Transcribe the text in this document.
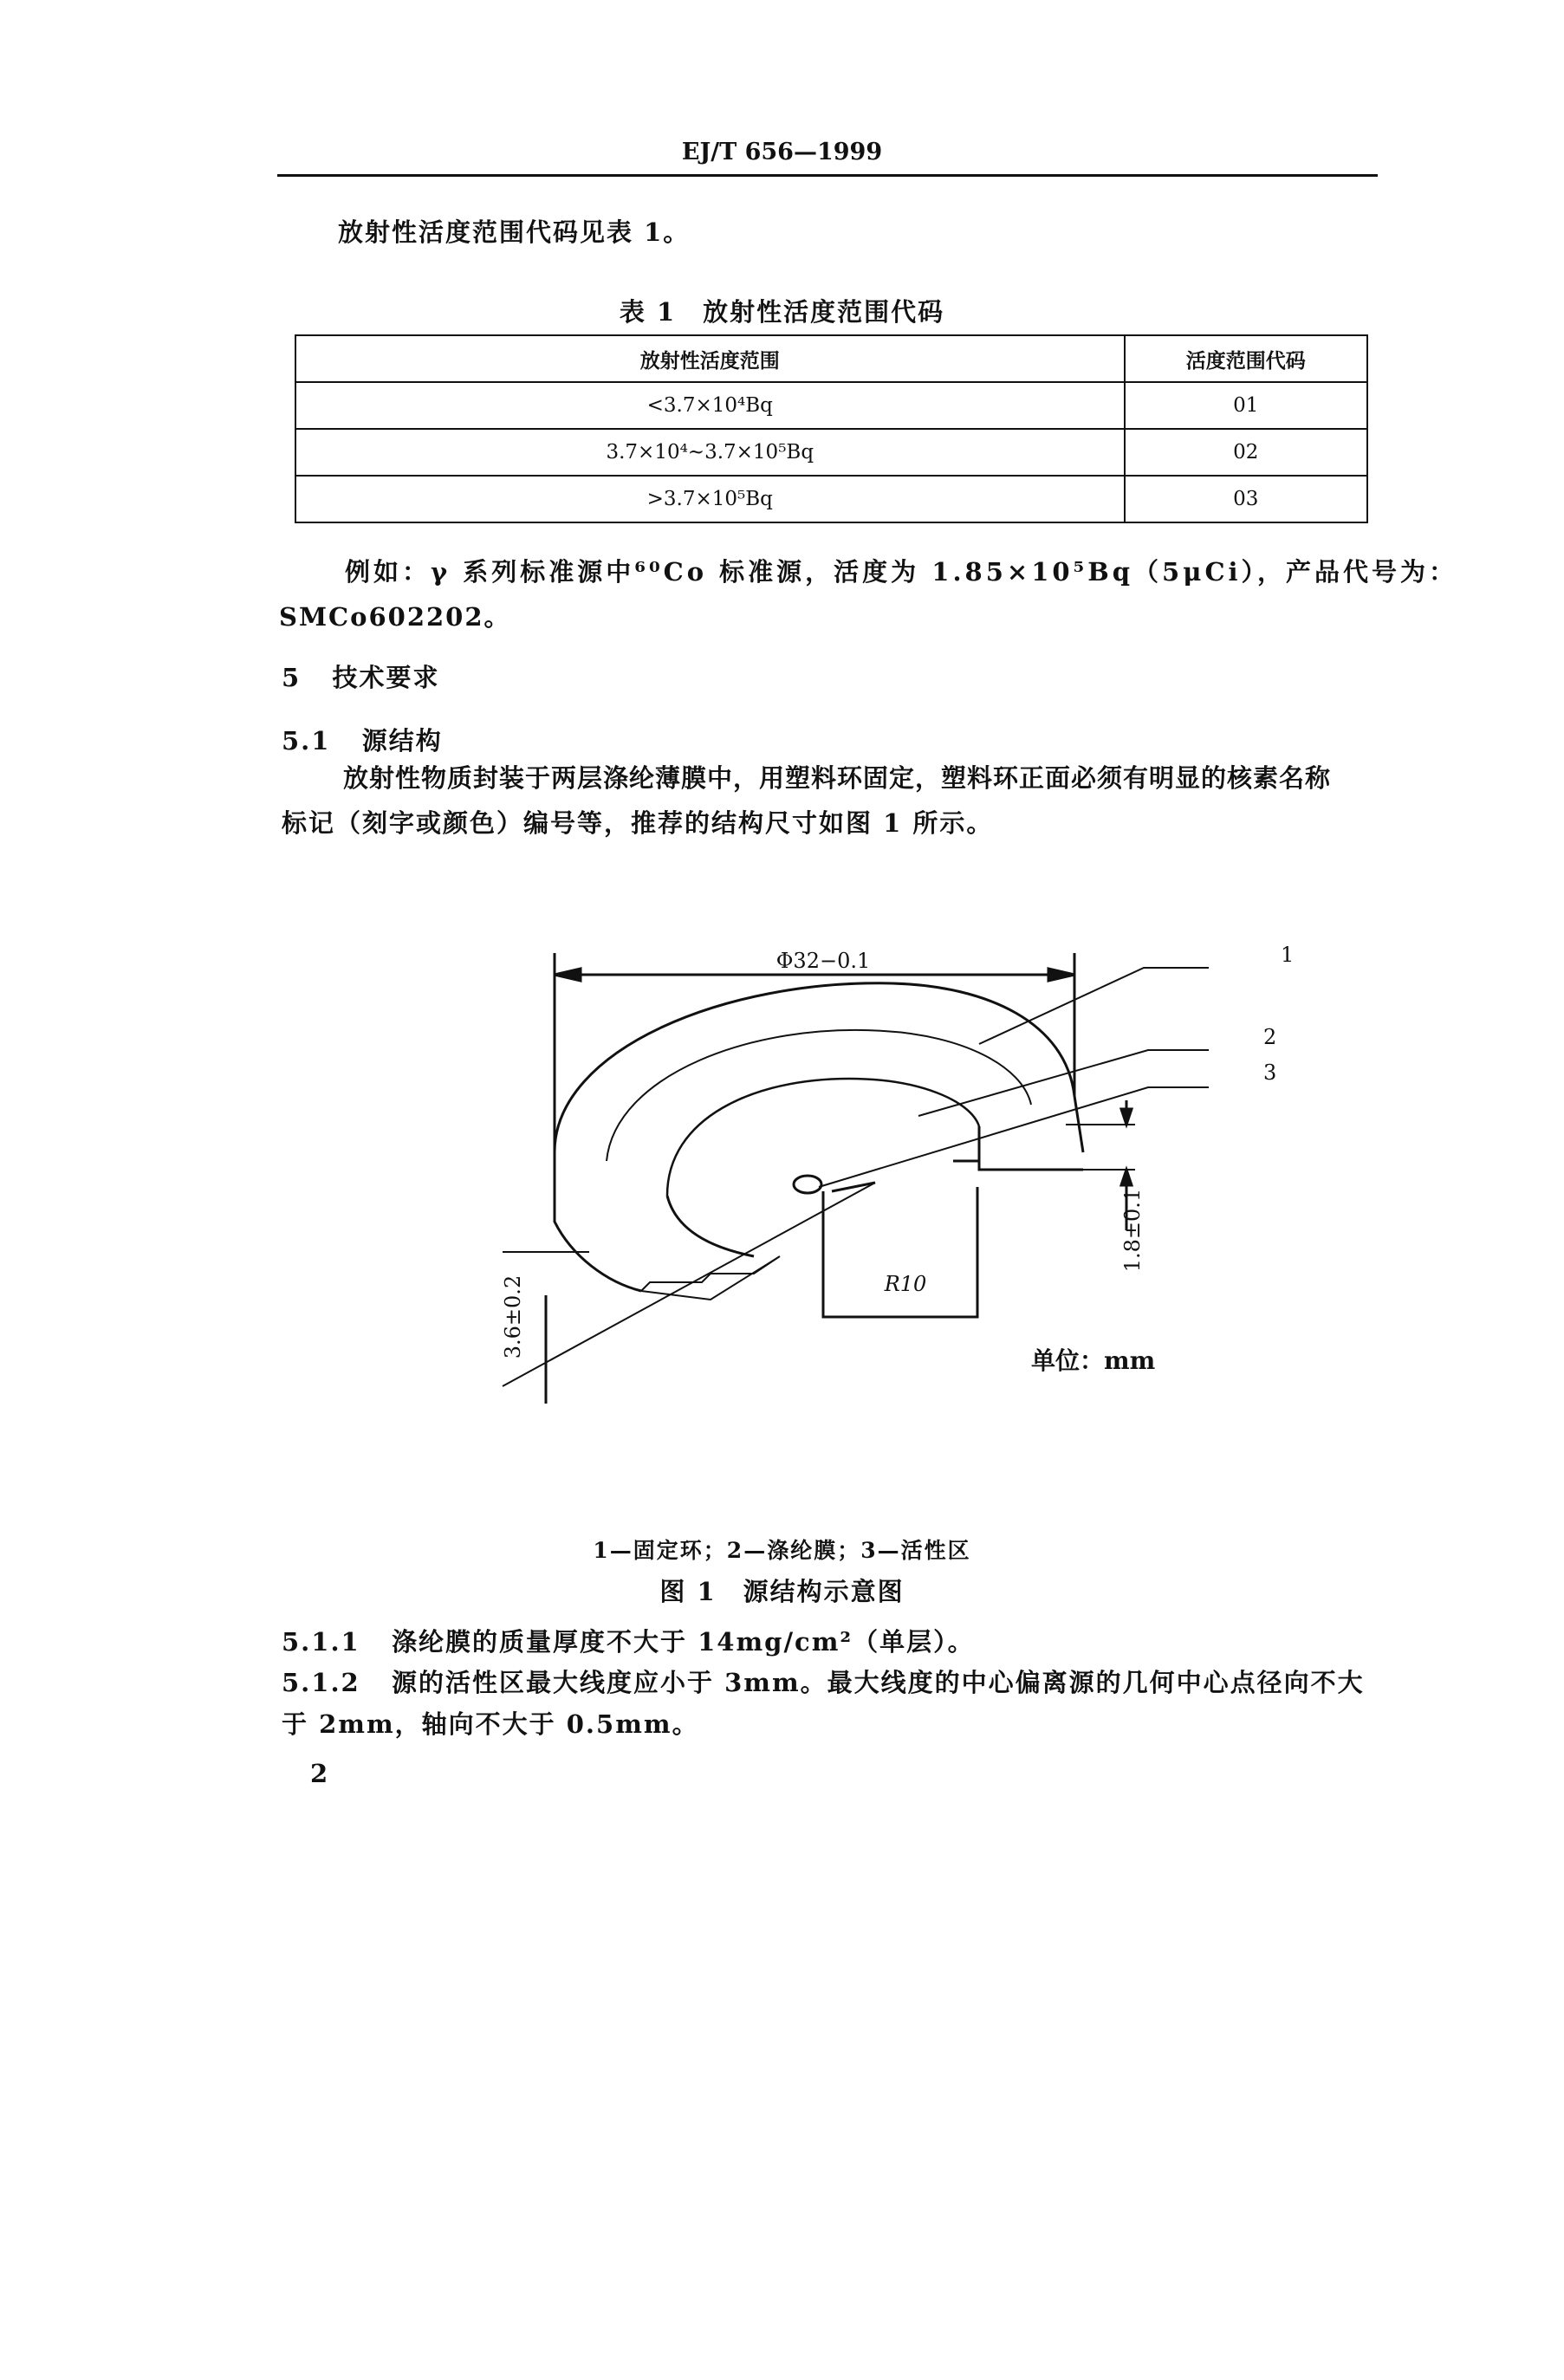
EJ/T 656—1999
放射性活度范围代码见表 1。
表 1　放射性活度范围代码
放射性活度范围	活度范围代码
<3.7×10⁴Bq	01
3.7×10⁴~3.7×10⁵Bq	02
>3.7×10⁵Bq	03
例如：γ 系列标准源中⁶⁰Co 标准源，活度为 1.85×10⁵Bq（5μCi），产品代号为：
SMCo602202。
5 技术要求
5.1 源结构
放射性物质封装于两层涤纶薄膜中，用塑料环固定，塑料环正面必须有明显的核素名称
标记（刻字或颜色）编号等，推荐的结构尺寸如图 1 所示。
Φ32−0.1
R10
3.6±0.2
1.8±0.1
1
2
3
单位：mm
1—固定环；2—涤纶膜；3—活性区
图 1　源结构示意图
5.1.1 涤纶膜的质量厚度不大于 14mg/cm²（单层）。
5.1.2 源的活性区最大线度应小于 3mm。最大线度的中心偏离源的几何中心点径向不大
于 2mm，轴向不大于 0.5mm。
2
